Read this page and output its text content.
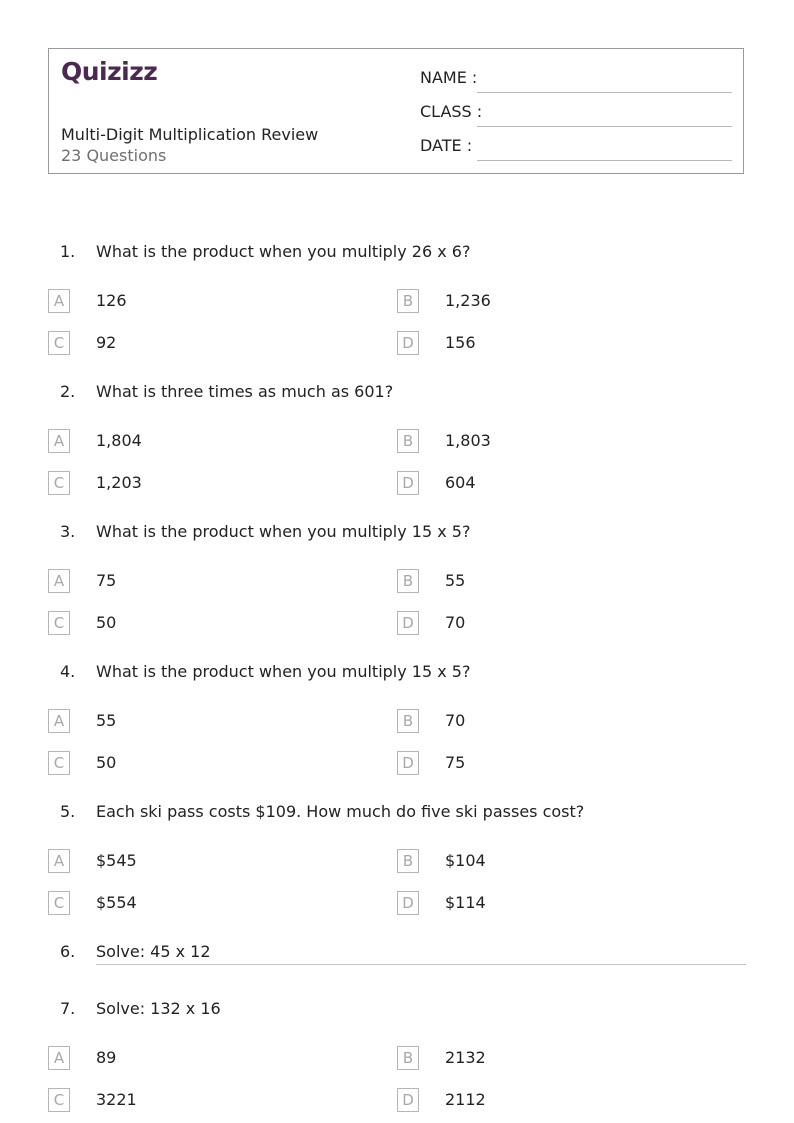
Quizizz
Multi-Digit Multiplication Review
23 Questions
NAME :
CLASS :
DATE :
1. What is the product when you multiply 26 x 6?
A	126	B	1,236
C	92	D	156
2. What is three times as much as 601?
A	1,804	B	1,803
C	1,203	D	604
3. What is the product when you multiply 15 x 5?
A	75	B	55
C	50	D	70
4. What is the product when you multiply 15 x 5?
A	55	B	70
C	50	D	75
5. Each ski pass costs $109. How much do five ski passes cost?
A	$545	B	$104
C	$554	D	$114
6. Solve: 45 x 12
7. Solve: 132 x 16
A	89	B	2132
C	3221	D	2112
